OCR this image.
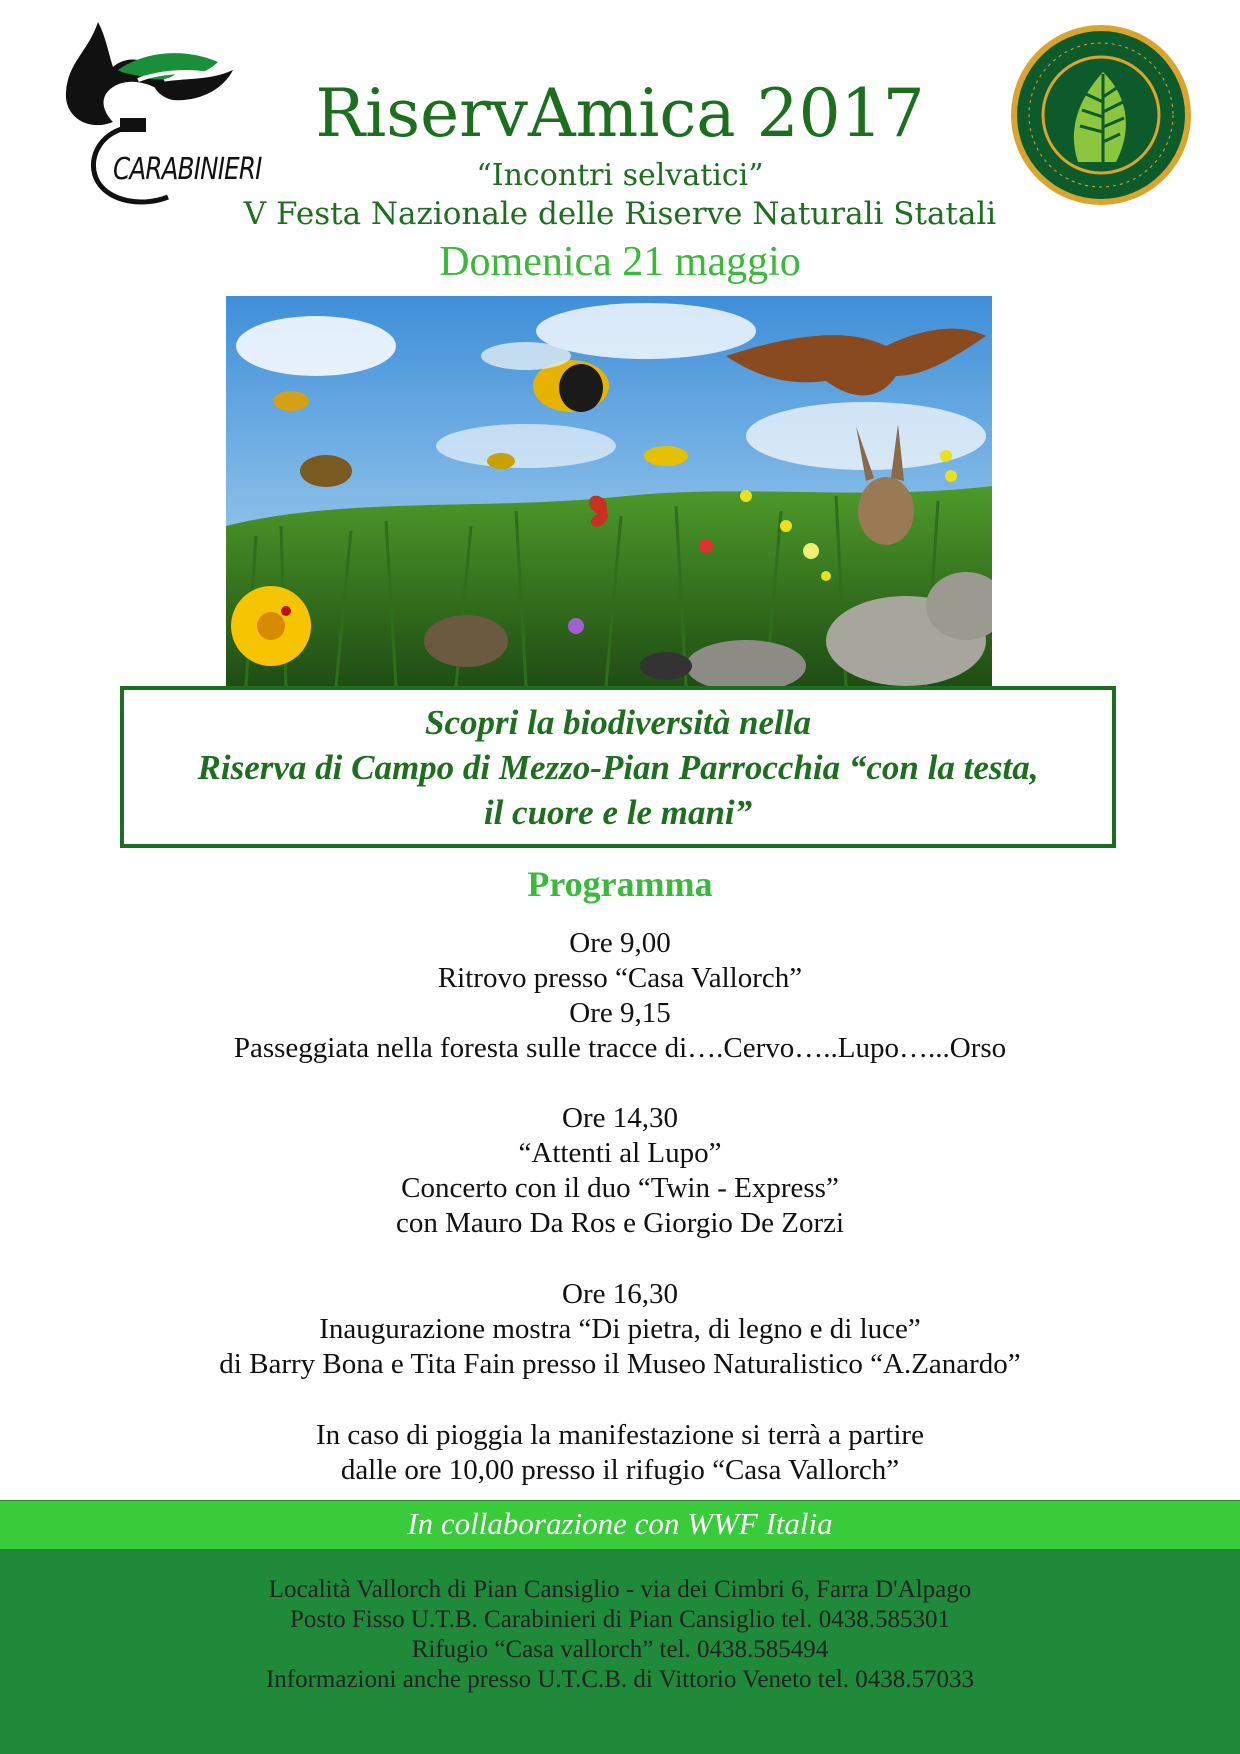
CARABINIERI
RiservAmica 2017
“Incontri selvatici”
V Festa Nazionale delle Riserve Naturali Statali
Domenica 21 maggio
Scopri la biodiversità nella
Riserva di Campo di Mezzo-Pian Parrocchia “con la testa,
il cuore e le mani”
Programma
Ore 9,00
Ritrovo presso “Casa Vallorch”
Ore 9,15
Passeggiata nella foresta sulle tracce di….Cervo…..Lupo…...Orso
Ore 14,30
“Attenti al Lupo”
Concerto con il duo “Twin - Express”
con Mauro Da Ros e Giorgio De Zorzi
Ore 16,30
Inaugurazione mostra “Di pietra, di legno e di luce”
di Barry Bona e Tita Fain presso il Museo Naturalistico “A.Zanardo”
In caso di pioggia la manifestazione si terrà a partire
dalle ore 10,00 presso il rifugio “Casa Vallorch”
In collaborazione con WWF Italia
Località Vallorch di Pian Cansiglio - via dei Cimbri 6, Farra D'Alpago
Posto Fisso U.T.B. Carabinieri di Pian Cansiglio tel. 0438.585301
Rifugio “Casa vallorch” tel. 0438.585494
Informazioni anche presso U.T.C.B. di Vittorio Veneto tel. 0438.57033
